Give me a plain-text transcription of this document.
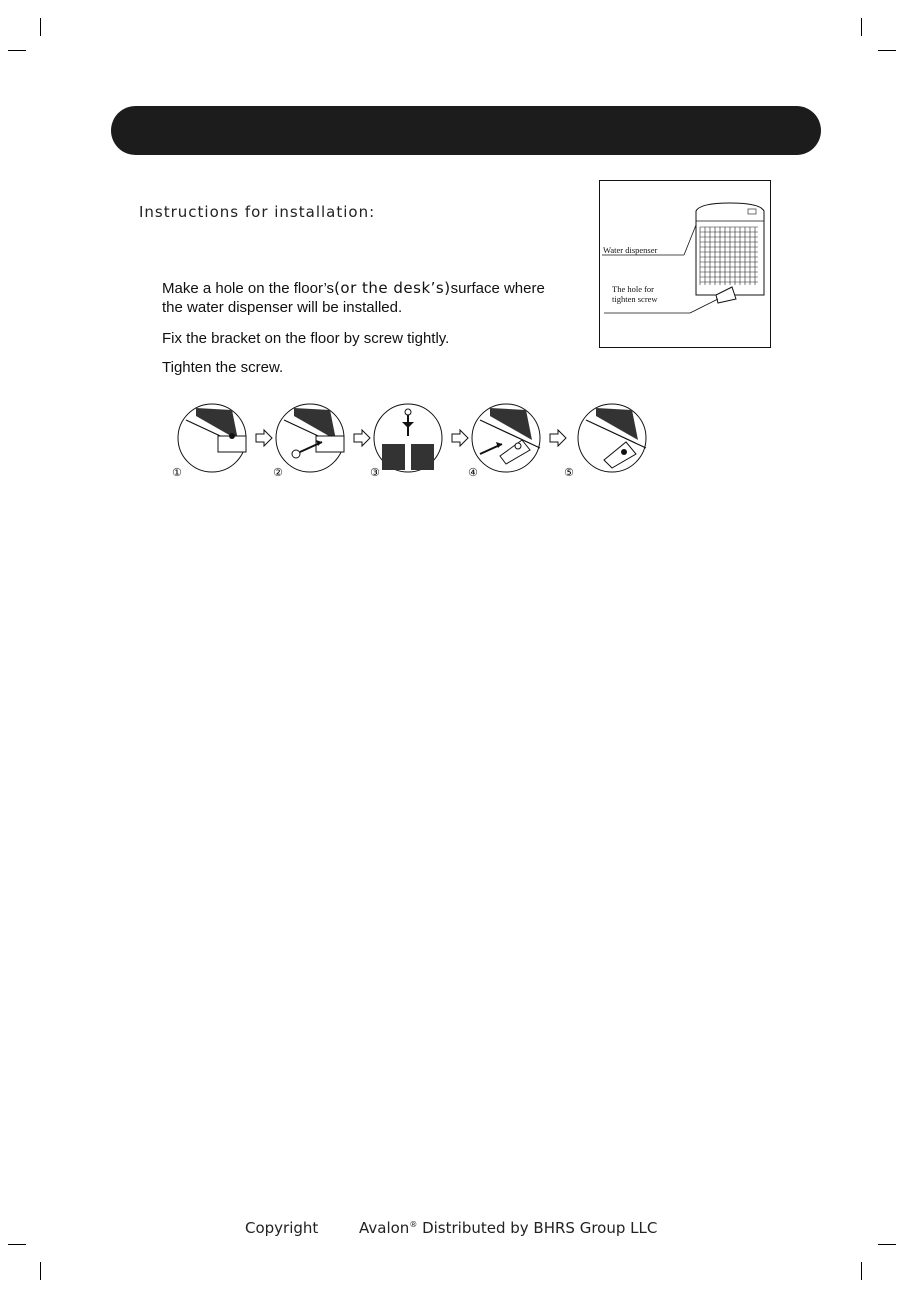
Instructions for installation:
Make a hole on the floor’s(or the desk’s)surface where
the water dispenser will be installed.
Fix the bracket on the floor by screw tightly.
Tighten the screw.
Water dispenser
The hole for
tighten screw
①	②	③	④	⑤
Copyright	Avalon® Distributed by BHRS Group LLC
